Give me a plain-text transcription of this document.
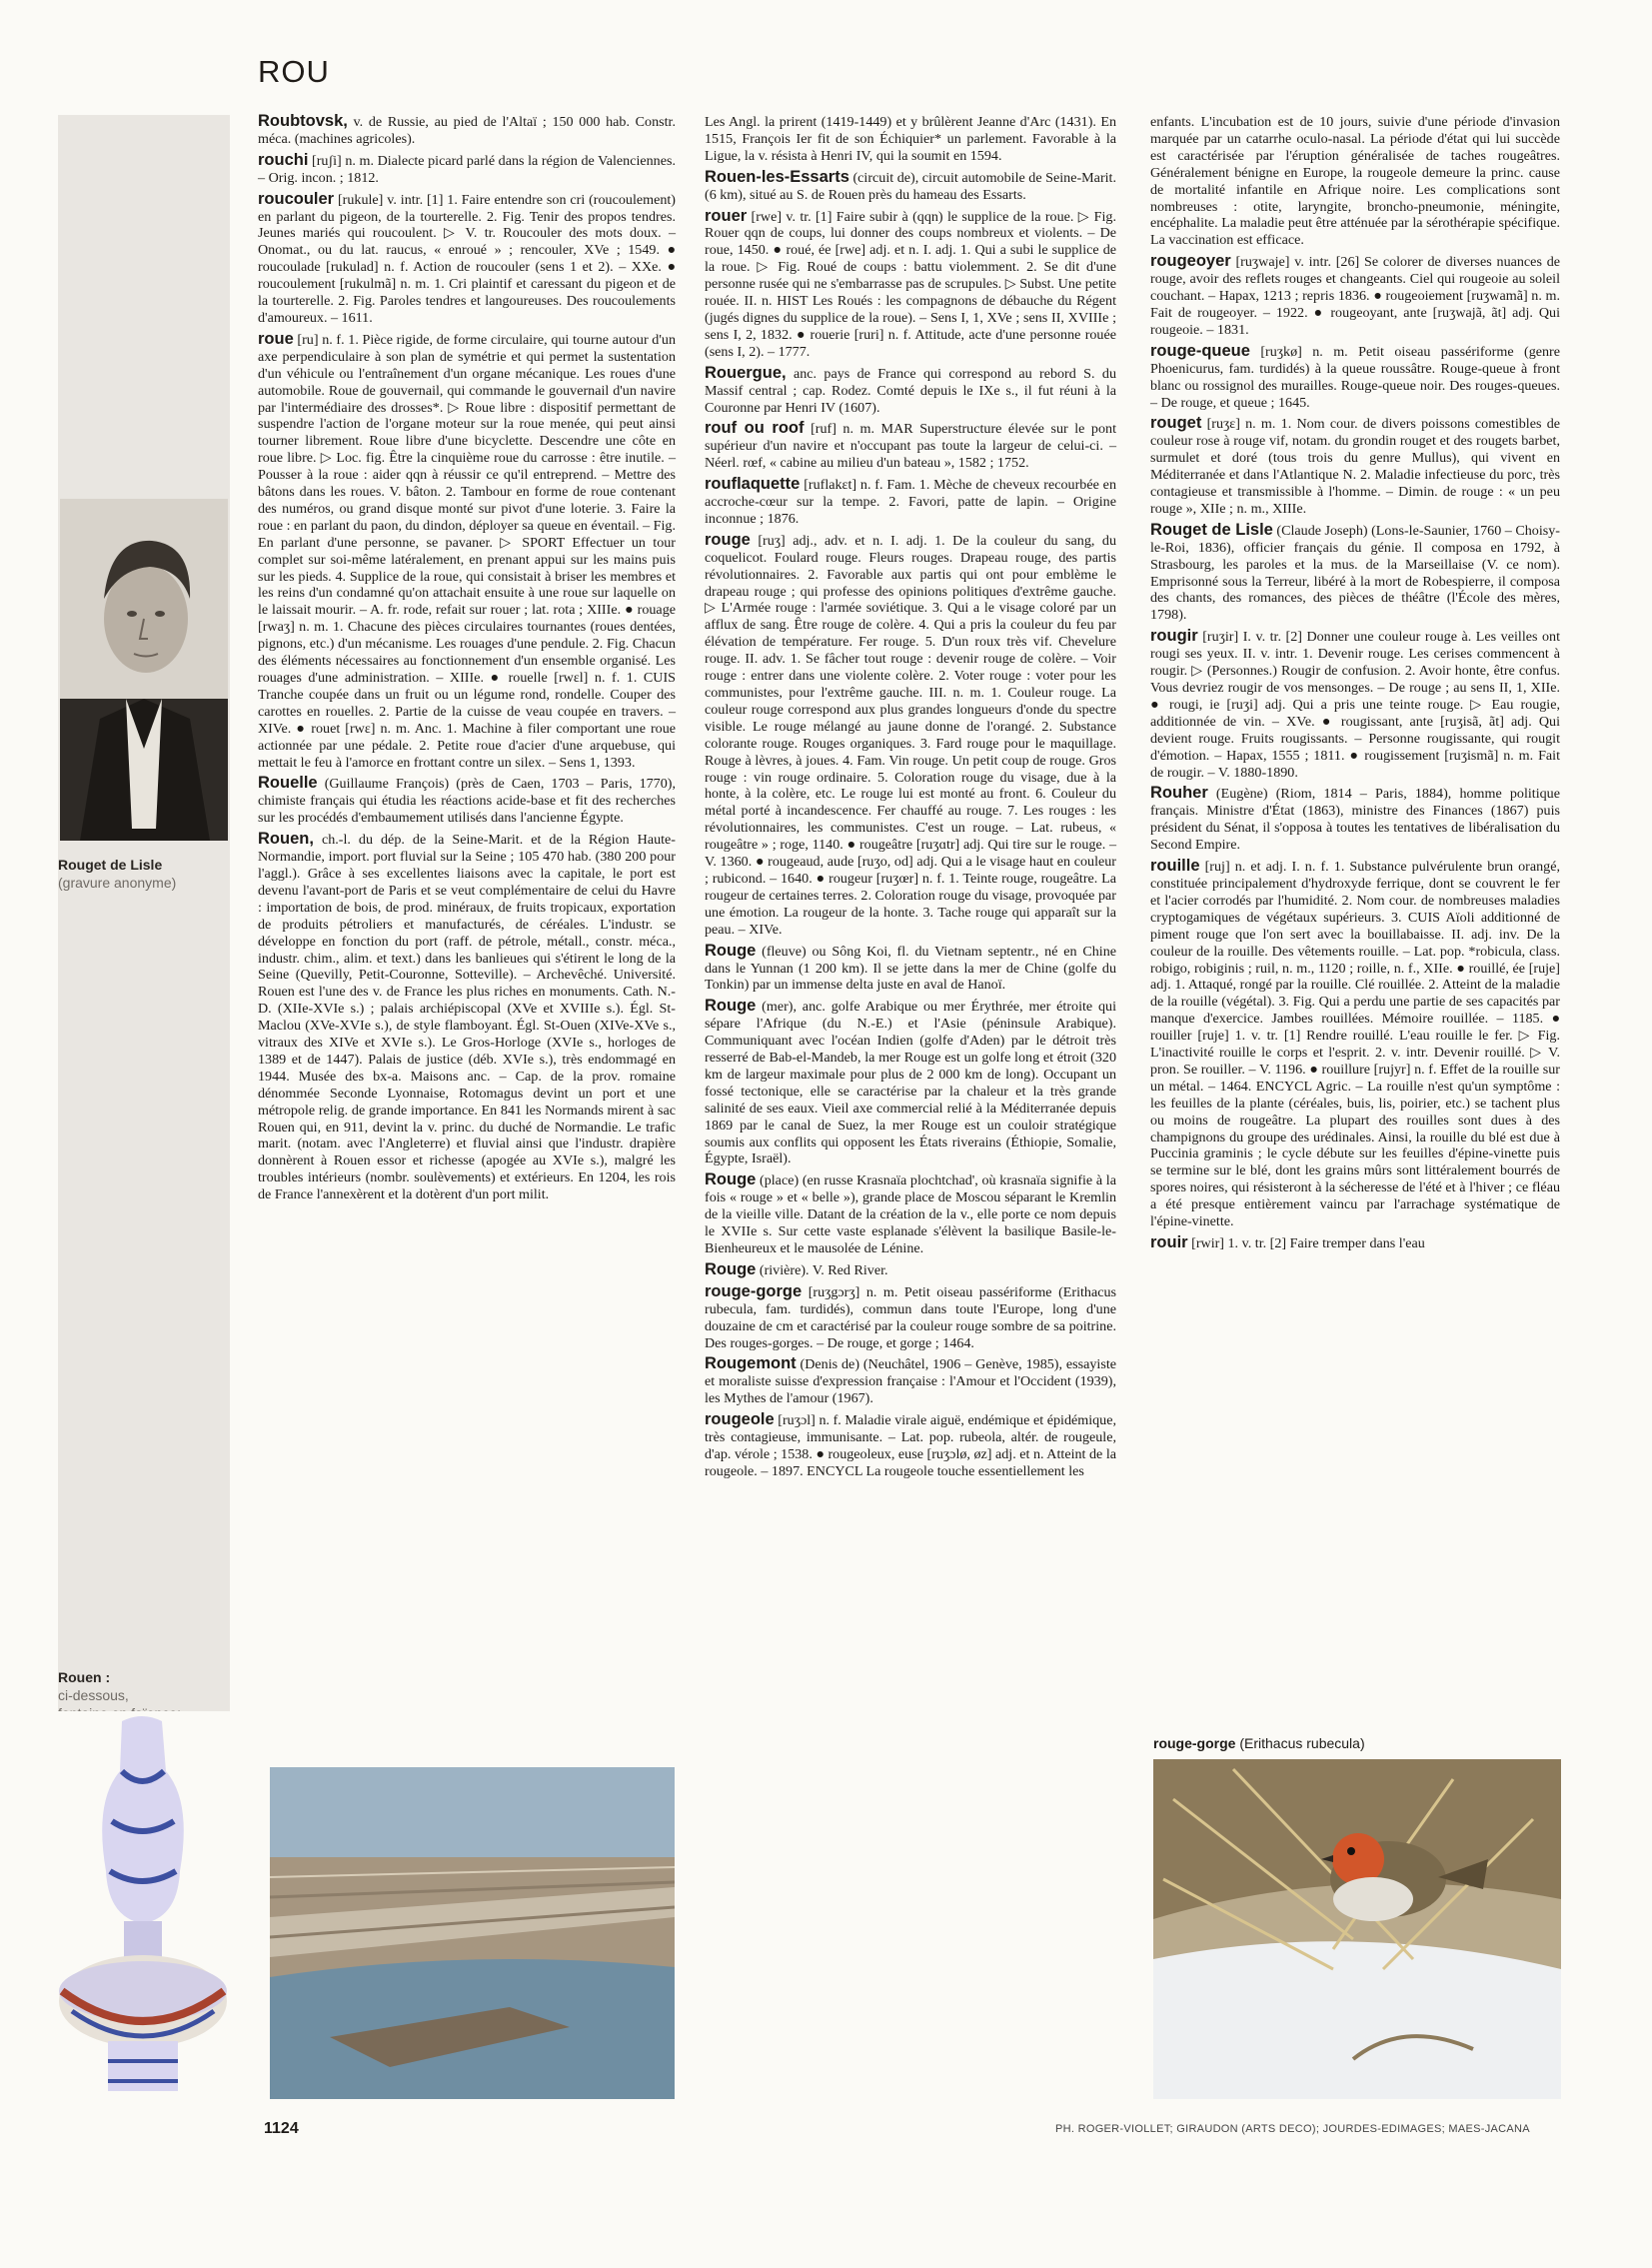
ROU
Rouget de Lisle
(gravure anonyme)
Rouen :
ci-dessous,
Roubtovsk, v. de Russie, au pied de l'Altaï ; 150 000 hab. Constr. méca. (machines agricoles).
rouchi [ruʃi] n. m. Dialecte picard parlé dans la région de Valenciennes. – Orig. incon. ; 1812.
roucouler [rukule] v. intr. [1] 1. Faire entendre son cri (roucoulement) en parlant du pigeon, de la tourterelle. 2. Fig. Tenir des propos tendres. Jeunes mariés qui roucoulent. ▷ V. tr. Roucouler des mots doux. – Onomat., ou du lat. raucus, « enroué » ; rencouler, XVe ; 1549. ● roucoulade [rukulad] n. f. Action de roucouler (sens 1 et 2). – XXe. ● roucoulement [rukulmã] n. m. 1. Cri plaintif et caressant du pigeon et de la tourterelle. 2. Fig. Paroles tendres et langoureuses. Des roucoulements d'amoureux. – 1611.
roue [ru] n. f. 1. Pièce rigide, de forme circulaire, qui tourne autour d'un axe perpendiculaire à son plan de symétrie et qui permet la sustentation d'un véhicule ou l'entraînement d'un organe mécanique. Les roues d'une automobile. Roue de gouvernail, qui commande le gouvernail d'un navire par l'intermédiaire des drosses*. ▷ Roue libre : dispositif permettant de suspendre l'action de l'organe moteur sur la roue menée, qui peut ainsi tourner librement. Roue libre d'une bicyclette. Descendre une côte en roue libre. ▷ Loc. fig. Être la cinquième roue du carrosse : être inutile. – Pousser à la roue : aider qqn à réussir ce qu'il entreprend. – Mettre des bâtons dans les roues. V. bâton. 2. Tambour en forme de roue contenant des numéros, ou grand disque monté sur pivot d'une loterie. 3. Faire la roue : en parlant du paon, du dindon, déployer sa queue en éventail. – Fig. En parlant d'une personne, se pavaner. ▷ SPORT Effectuer un tour complet sur soi-même latéralement, en prenant appui sur les mains puis sur les pieds. 4. Supplice de la roue, qui consistait à briser les membres et les reins d'un condamné qu'on attachait ensuite à une roue sur laquelle on le laissait mourir. – A. fr. rode, refait sur rouer ; lat. rota ; XIIIe. ● rouage [rwaʒ] n. m. 1. Chacune des pièces circulaires tournantes (roues dentées, pignons, etc.) d'un mécanisme. Les rouages d'une pendule. 2. Fig. Chacun des éléments nécessaires au fonctionnement d'un ensemble organisé. Les rouages d'une administration. – XIIIe. ● rouelle [rwɛl] n. f. 1. CUIS Tranche coupée dans un fruit ou un légume rond, rondelle. Couper des carottes en rouelles. 2. Partie de la cuisse de veau coupée en travers. – XIVe. ● rouet [rwɛ] n. m. Anc. 1. Machine à filer comportant une roue actionnée par une pédale. 2. Petite roue d'acier d'une arquebuse, qui mettait le feu à l'amorce en frottant contre un silex. – Sens 1, 1393.
Rouelle (Guillaume François) (près de Caen, 1703 – Paris, 1770), chimiste français qui étudia les réactions acide-base et fit des recherches sur les procédés d'embaumement utilisés dans l'ancienne Égypte.
Rouen, ch.-l. du dép. de la Seine-Marit. et de la Région Haute-Normandie, import. port fluvial sur la Seine ; 105 470 hab. (380 200 pour l'aggl.). Grâce à ses excellentes liaisons avec la capitale, le port est devenu l'avant-port de Paris et se veut complémentaire de celui du Havre : importation de bois, de prod. minéraux, de fruits tropicaux, exportation de produits pétroliers et manufacturés, de céréales. L'industr. se développe en fonction du port (raff. de pétrole, métall., constr. méca., industr. chim., alim. et text.) dans les banlieues qui s'étirent le long de la Seine (Quevilly, Petit-Couronne, Sotteville). – Archevêché. Université. Rouen est l'une des v. de France les plus riches en monuments. Cath. N.-D. (XIIe-XVIe s.) ; palais archiépiscopal (XVe et XVIIIe s.). Égl. St-Maclou (XVe-XVIe s.), de style flamboyant. Égl. St-Ouen (XIVe-XVe s., vitraux des XIVe et XVIe s.). Le Gros-Horloge (XVIe s., horloges de 1389 et de 1447). Palais de justice (déb. XVIe s.), très endommagé en 1944. Musée des bx-a. Maisons anc. – Cap. de la prov. romaine dénommée Seconde Lyonnaise, Rotomagus devint un port et une métropole relig. de grande importance. En 841 les Normands mirent à sac Rouen qui, en 911, devint la v. princ. du duché de Normandie. Le trafic marit. (notam. avec l'Angleterre) et fluvial ainsi que l'industr. drapière donnèrent à Rouen essor et richesse (apogée au XVIe s.), malgré les troubles intérieurs (nombr. soulèvements) et extérieurs. En 1204, les rois de France l'annexèrent et la dotèrent d'un port milit.
Les Angl. la prirent (1419-1449) et y brûlèrent Jeanne d'Arc (1431). En 1515, François Ier fit de son Échiquier* un parlement. Favorable à la Ligue, la v. résista à Henri IV, qui la soumit en 1594.
Rouen-les-Essarts (circuit de), circuit automobile de Seine-Marit. (6 km), situé au S. de Rouen près du hameau des Essarts.
rouer [rwe] v. tr. [1] Faire subir à (qqn) le supplice de la roue. ▷ Fig. Rouer qqn de coups, lui donner des coups nombreux et violents. – De roue, 1450. ● roué, ée [rwe] adj. et n. I. adj. 1. Qui a subi le supplice de la roue. ▷ Fig. Roué de coups : battu violemment. 2. Se dit d'une personne rusée qui ne s'embarrasse pas de scrupules. ▷ Subst. Une petite rouée. II. n. HIST Les Roués : les compagnons de débauche du Régent (jugés dignes du supplice de la roue). – Sens I, 1, XVe ; sens II, XVIIIe ; sens I, 2, 1832. ● rouerie [ruri] n. f. Attitude, acte d'une personne rouée (sens I, 2). – 1777.
Rouergue, anc. pays de France qui correspond au rebord S. du Massif central ; cap. Rodez. Comté depuis le IXe s., il fut réuni à la Couronne par Henri IV (1607).
rouf ou roof [ruf] n. m. MAR Superstructure élevée sur le pont supérieur d'un navire et n'occupant pas toute la largeur de celui-ci. – Néerl. rœf, « cabine au milieu d'un bateau », 1582 ; 1752.
rouflaquette [ruflakɛt] n. f. Fam. 1. Mèche de cheveux recourbée en accroche-cœur sur la tempe. 2. Favori, patte de lapin. – Origine inconnue ; 1876.
rouge [ruʒ] adj., adv. et n. I. adj. 1. De la couleur du sang, du coquelicot. Foulard rouge. Fleurs rouges. Drapeau rouge, des partis révolutionnaires. 2. Favorable aux partis qui ont pour emblème le drapeau rouge ; qui professe des opinions politiques d'extrême gauche. ▷ L'Armée rouge : l'armée soviétique. 3. Qui a le visage coloré par un afflux de sang. Être rouge de colère. 4. Qui a pris la couleur du feu par élévation de température. Fer rouge. 5. D'un roux très vif. Chevelure rouge. II. adv. 1. Se fâcher tout rouge : devenir rouge de colère. – Voir rouge : entrer dans une violente colère. 2. Voter rouge : voter pour les communistes, pour l'extrême gauche. III. n. m. 1. Couleur rouge. La couleur rouge correspond aux plus grandes longueurs d'onde du spectre visible. Le rouge mélangé au jaune donne de l'orangé. 2. Substance colorante rouge. Rouges organiques. 3. Fard rouge pour le maquillage. Rouge à lèvres, à joues. 4. Fam. Vin rouge. Un petit coup de rouge. Gros rouge : vin rouge ordinaire. 5. Coloration rouge du visage, due à la honte, à la colère, etc. Le rouge lui est monté au front. 6. Couleur du métal porté à incandescence. Fer chauffé au rouge. 7. Les rouges : les révolutionnaires, les communistes. C'est un rouge. – Lat. rubeus, « rougeâtre » ; roge, 1140. ● rougeâtre [ruʒɑtr] adj. Qui tire sur le rouge. – V. 1360. ● rougeaud, aude [ruʒo, od] adj. Qui a le visage haut en couleur ; rubicond. – 1640. ● rougeur [ruʒœr] n. f. 1. Teinte rouge, rougeâtre. La rougeur de certaines terres. 2. Coloration rouge du visage, provoquée par une émotion. La rougeur de la honte. 3. Tache rouge qui apparaît sur la peau. – XIVe.
Rouge (fleuve) ou Sông Koi, fl. du Vietnam septentr., né en Chine dans le Yunnan (1 200 km). Il se jette dans la mer de Chine (golfe du Tonkin) par un immense delta juste en aval de Hanoï.
Rouge (mer), anc. golfe Arabique ou mer Érythrée, mer étroite qui sépare l'Afrique (du N.-E.) et l'Asie (péninsule Arabique). Communiquant avec l'océan Indien (golfe d'Aden) par le détroit très resserré de Bab-el-Mandeb, la mer Rouge est un golfe long et étroit (320 km de largeur maximale pour plus de 2 000 km de long). Occupant un fossé tectonique, elle se caractérise par la chaleur et la très grande salinité de ses eaux. Vieil axe commercial relié à la Méditerranée depuis 1869 par le canal de Suez, la mer Rouge est un couloir stratégique soumis aux conflits qui opposent les États riverains (Éthiopie, Somalie, Égypte, Israël).
Rouge (place) (en russe Krasnaïa plochtchad', où krasnaïa signifie à la fois « rouge » et « belle »), grande place de Moscou séparant le Kremlin de la vieille ville. Datant de la création de la v., elle porte ce nom depuis le XVIIe s. Sur cette vaste esplanade s'élèvent la basilique Basile-le-Bienheureux et le mausolée de Lénine.
Rouge (rivière). V. Red River.
rouge-gorge [ruʒgɔrʒ] n. m. Petit oiseau passériforme (Erithacus rubecula, fam. turdidés), commun dans toute l'Europe, long d'une douzaine de cm et caractérisé par la couleur rouge sombre de sa poitrine. Des rouges-gorges. – De rouge, et gorge ; 1464.
Rougemont (Denis de) (Neuchâtel, 1906 – Genève, 1985), essayiste et moraliste suisse d'expression française : l'Amour et l'Occident (1939), les Mythes de l'amour (1967).
rougeole [ruʒɔl] n. f. Maladie virale aiguë, endémique et épidémique, très contagieuse, immunisante. – Lat. pop. rubeola, altér. de rougeule, d'ap. vérole ; 1538. ● rougeoleux, euse [ruʒɔlø, øz] adj. et n. Atteint de la rougeole. – 1897. ENCYCL La rougeole touche essentiellement les
enfants. L'incubation est de 10 jours, suivie d'une période d'invasion marquée par un catarrhe oculo-nasal. La période d'état qui lui succède est caractérisée par l'éruption généralisée de taches rougeâtres. Généralement bénigne en Europe, la rougeole demeure la princ. cause de mortalité infantile en Afrique noire. Les complications sont nombreuses : otite, laryngite, broncho-pneumonie, méningite, encéphalite. La maladie peut être atténuée par la sérothérapie spécifique. La vaccination est efficace.
rougeoyer [ruʒwaje] v. intr. [26] Se colorer de diverses nuances de rouge, avoir des reflets rouges et changeants. Ciel qui rougeoie au soleil couchant. – Hapax, 1213 ; repris 1836. ● rougeoiement [ruʒwamã] n. m. Fait de rougeoyer. – 1922. ● rougeoyant, ante [ruʒwajã, ãt] adj. Qui rougeoie. – 1831.
rouge-queue [ruʒkø] n. m. Petit oiseau passériforme (genre Phoenicurus, fam. turdidés) à la queue roussâtre. Rouge-queue à front blanc ou rossignol des murailles. Rouge-queue noir. Des rouges-queues. – De rouge, et queue ; 1645.
rouget [ruʒɛ] n. m. 1. Nom cour. de divers poissons comestibles de couleur rose à rouge vif, notam. du grondin rouget et des rougets barbet, surmulet et doré (tous trois du genre Mullus), qui vivent en Méditerranée et dans l'Atlantique N. 2. Maladie infectieuse du porc, très contagieuse et transmissible à l'homme. – Dimin. de rouge : « un peu rouge », XIIe ; n. m., XIIIe.
Rouget de Lisle (Claude Joseph) (Lons-le-Saunier, 1760 – Choisy-le-Roi, 1836), officier français du génie. Il composa en 1792, à Strasbourg, les paroles et la mus. de la Marseillaise (V. ce nom). Emprisonné sous la Terreur, libéré à la mort de Robespierre, il composa des chants, des romances, des pièces de théâtre (l'École des mères, 1798).
rougir [ruʒir] I. v. tr. [2] Donner une couleur rouge à. Les veilles ont rougi ses yeux. II. v. intr. 1. Devenir rouge. Les cerises commencent à rougir. ▷ (Personnes.) Rougir de confusion. 2. Avoir honte, être confus. Vous devriez rougir de vos mensonges. – De rouge ; au sens II, 1, XIIe. ● rougi, ie [ruʒi] adj. Qui a pris une teinte rouge. ▷ Eau rougie, additionnée de vin. – XVe. ● rougissant, ante [ruʒisã, ãt] adj. Qui devient rouge. Fruits rougissants. – Personne rougissante, qui rougit d'émotion. – Hapax, 1555 ; 1811. ● rougissement [ruʒismã] n. m. Fait de rougir. – V. 1880-1890.
Rouher (Eugène) (Riom, 1814 – Paris, 1884), homme politique français. Ministre d'État (1863), ministre des Finances (1867) puis président du Sénat, il s'opposa à toutes les tentatives de libéralisation du Second Empire.
rouille [ruj] n. et adj. I. n. f. 1. Substance pulvérulente brun orangé, constituée principalement d'hydroxyde ferrique, dont se couvrent le fer et l'acier corrodés par l'humidité. 2. Nom cour. de nombreuses maladies cryptogamiques de végétaux supérieurs. 3. CUIS Aïoli additionné de piment rouge que l'on sert avec la bouillabaisse. II. adj. inv. De la couleur de la rouille. Des vêtements rouille. – Lat. pop. *robicula, class. robigo, robiginis ; ruil, n. m., 1120 ; roille, n. f., XIIe. ● rouillé, ée [ruje] adj. 1. Attaqué, rongé par la rouille. Clé rouillée. 2. Atteint de la maladie de la rouille (végétal). 3. Fig. Qui a perdu une partie de ses capacités par manque d'exercice. Jambes rouillées. Mémoire rouillée. – 1185. ● rouiller [ruje] 1. v. tr. [1] Rendre rouillé. L'eau rouille le fer. ▷ Fig. L'inactivité rouille le corps et l'esprit. 2. v. intr. Devenir rouillé. ▷ V. pron. Se rouiller. – V. 1196. ● rouillure [rujyr] n. f. Effet de la rouille sur un métal. – 1464. ENCYCL Agric. – La rouille n'est qu'un symptôme : les feuilles de la plante (céréales, buis, lis, poirier, etc.) se tachent plus ou moins de rougeâtre. La plupart des rouilles sont dues à des champignons du groupe des urédinales. Ainsi, la rouille du blé est due à Puccinia graminis ; le cycle débute sur les feuilles d'épine-vinette puis se termine sur le blé, dont les grains mûrs sont littéralement bourrés de spores noires, qui résisteront à la sécheresse de l'été et à l'hiver ; ce fléau a été presque entièrement vaincu par l'arrachage systématique de l'épine-vinette.
rouir [rwir] 1. v. tr. [2] Faire tremper dans l'eau
rouge-gorge (Erithacus rubecula)
1124	PH. ROGER-VIOLLET; GIRAUDON (ARTS DECO); JOURDES-EDIMAGES; MAES-JACANA
